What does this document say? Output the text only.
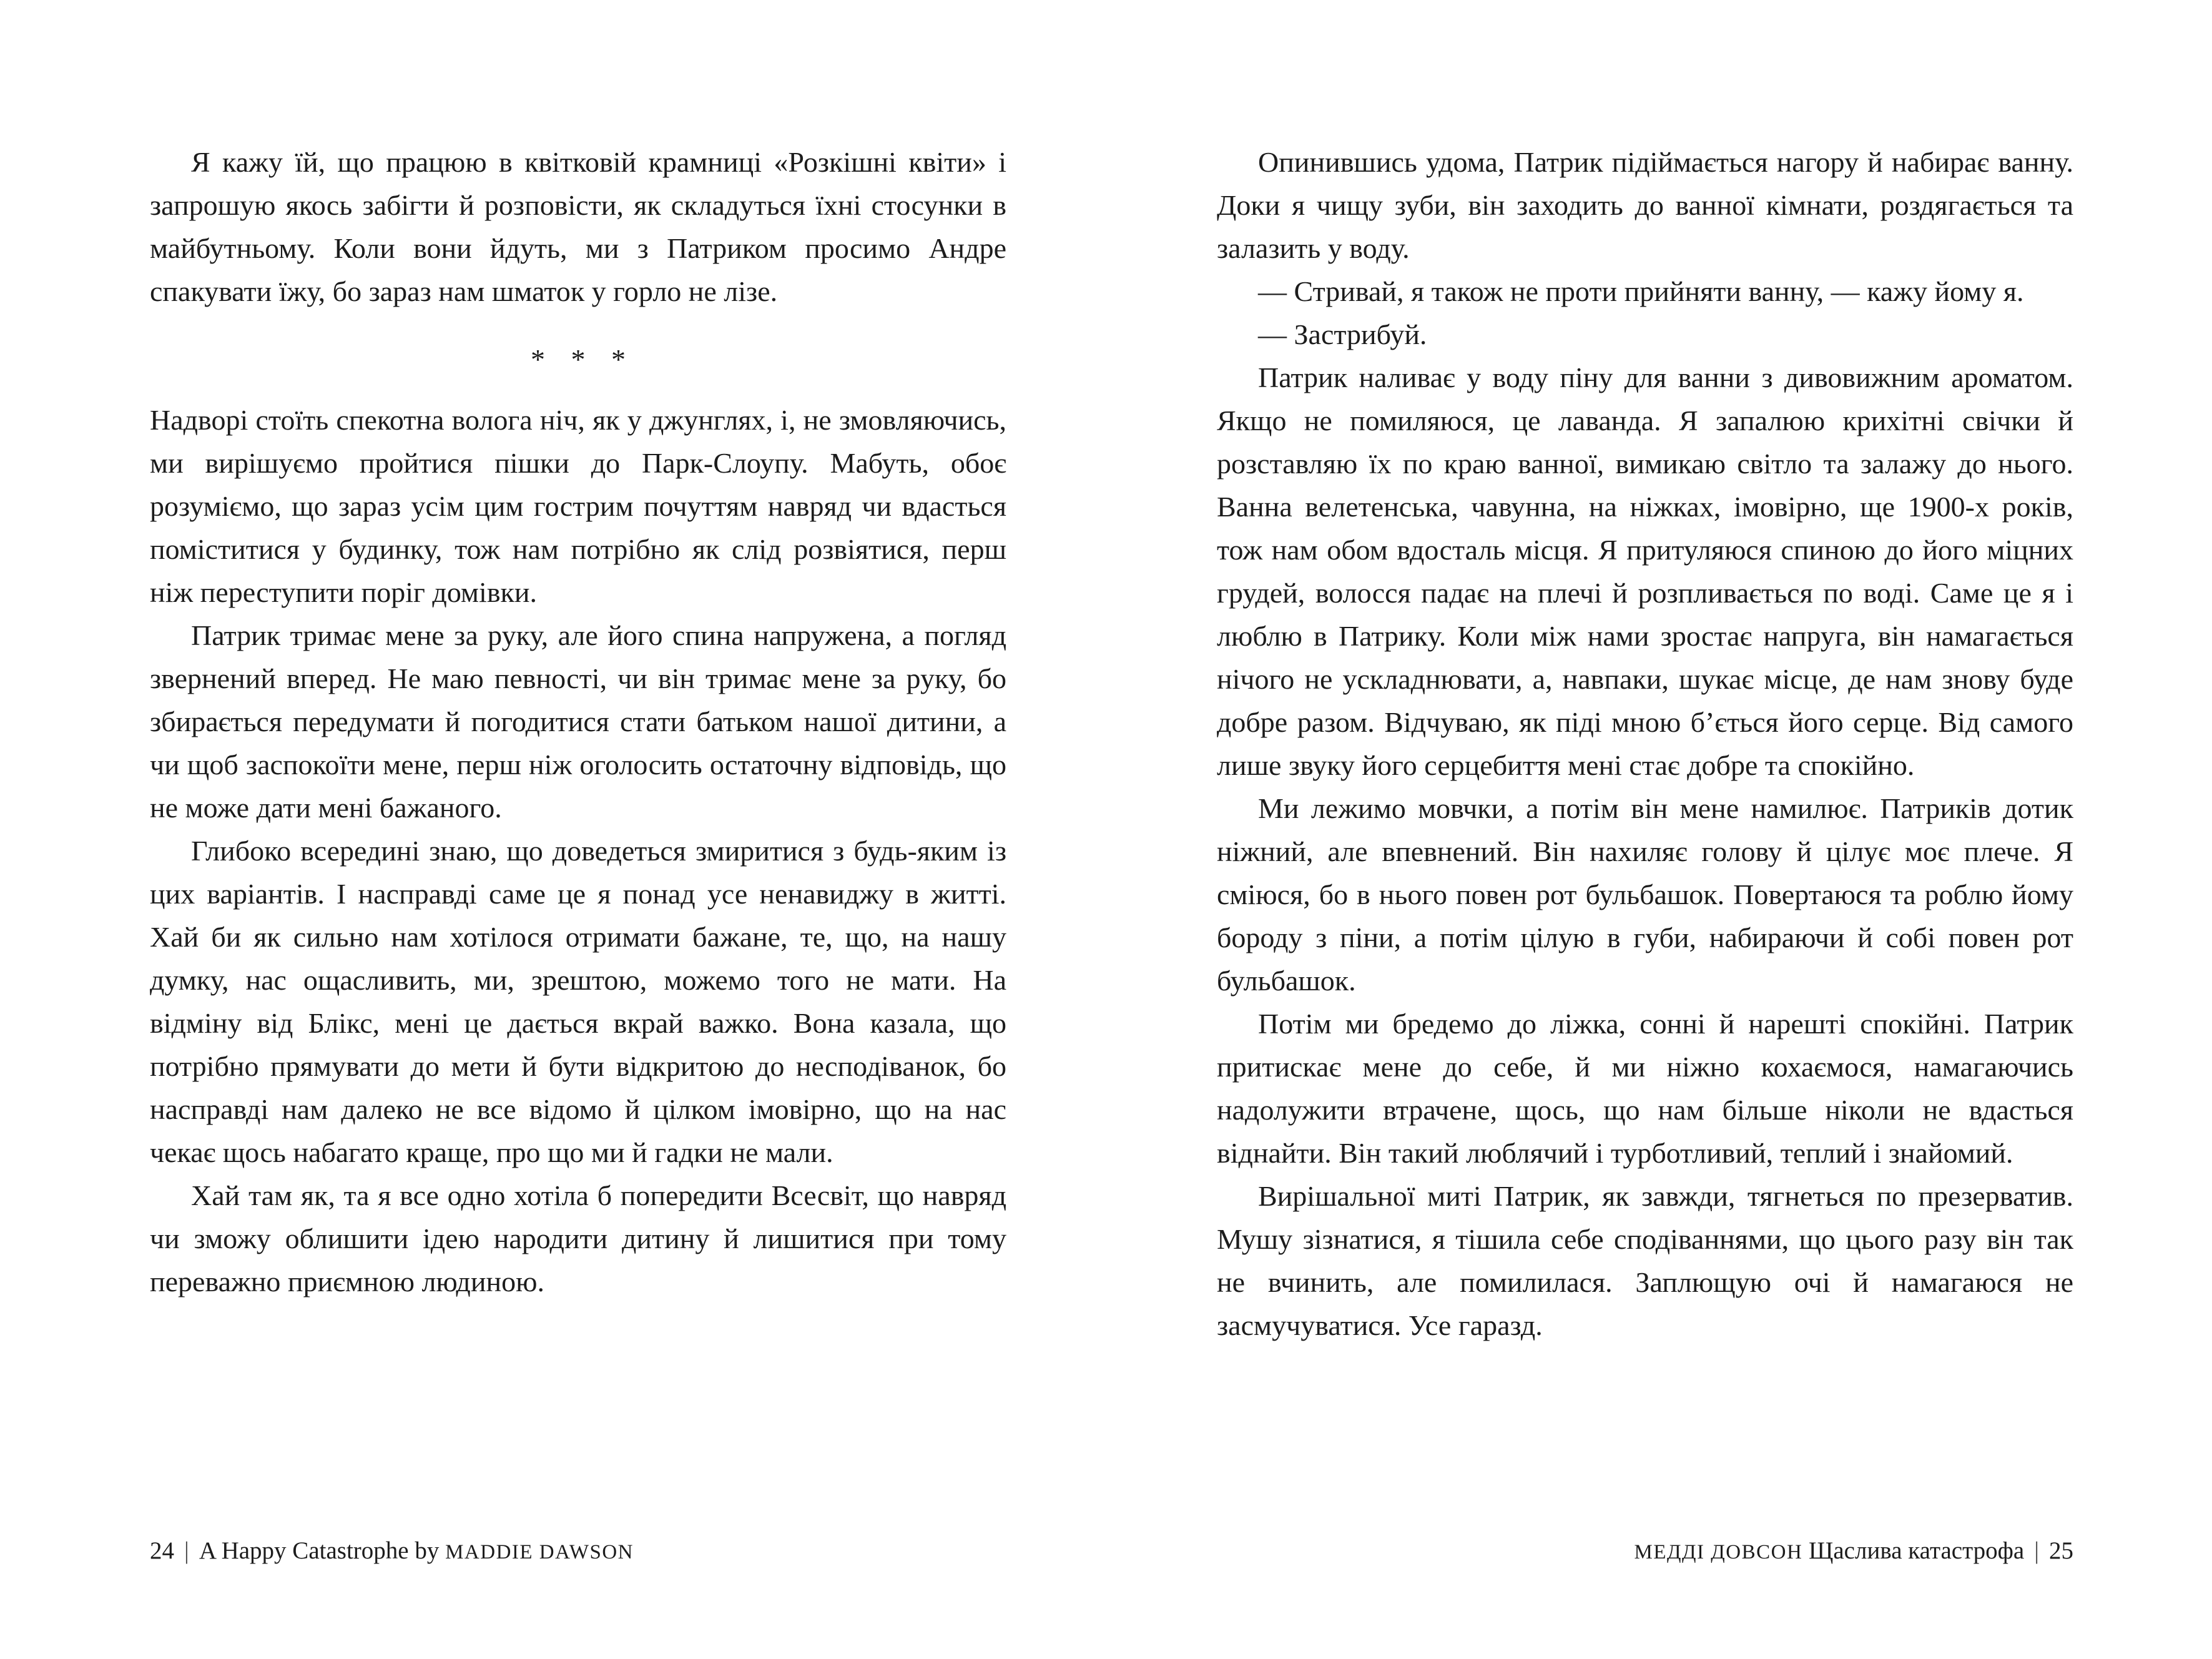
Я кажу їй, що працюю в квітковій крамниці «Розкішні квіти» і запрошую якось забігти й розповісти, як складуться їхні стосунки в майбутньому. Коли вони йдуть, ми з Патриком просимо Андре спакувати їжу, бо зараз нам шматок у горло не лізе.

* * *

Надворі стоїть спекотна волога ніч, як у джунглях, і, не змовляючись, ми вирішуємо пройтися пішки до Парк-Слоупу. Мабуть, обоє розуміємо, що зараз усім цим гострим почуттям навряд чи вдасться поміститися у будинку, тож нам потрібно як слід розвіятися, перш ніж переступити поріг домівки.

Патрик тримає мене за руку, але його спина напружена, а погляд звернений вперед. Не маю певності, чи він тримає мене за руку, бо збирається передумати й погодитися стати батьком нашої дитини, а чи щоб заспокоїти мене, перш ніж оголосить остаточну відповідь, що не може дати мені бажаного.

Глибоко всередині знаю, що доведеться змиритися з будь-яким із цих варіантів. І насправді саме це я понад усе ненавиджу в житті. Хай би як сильно нам хотілося отримати бажане, те, що, на нашу думку, нас ощасливить, ми, зрештою, можемо того не мати. На відміну від Блікс, мені це дається вкрай важко. Вона казала, що потрібно прямувати до мети й бути відкритою до несподіванок, бо насправді нам далеко не все відомо й цілком імовірно, що на нас чекає щось набагато краще, про що ми й гадки не мали.

Хай там як, та я все одно хотіла б попередити Всесвіт, що навряд чи зможу облишити ідею народити дитину й лишитися при тому переважно приємною людиною.

24 | A Happy Catastrophe by MADDIE DAWSON

Опинившись удома, Патрик підіймається нагору й набирає ванну. Доки я чищу зуби, він заходить до ванної кімнати, роздягається та залазить у воду.

— Стривай, я також не проти прийняти ванну, — кажу йому я.

— Застрибуй.

Патрик наливає у воду піну для ванни з дивовижним ароматом. Якщо не помиляюся, це лаванда. Я запалюю крихітні свічки й розставляю їх по краю ванної, вимикаю світло та залажу до нього. Ванна велетенська, чавунна, на ніжках, імовірно, ще 1900-х років, тож нам обом вдосталь місця. Я притуляюся спиною до його міцних грудей, волосся падає на плечі й розпливається по воді. Саме це я і люблю в Патрику. Коли між нами зростає напруга, він намагається нічого не ускладнювати, а, навпаки, шукає місце, де нам знову буде добре разом. Відчуваю, як піді мною б’ється його серце. Від самого лише звуку його серцебиття мені стає добре та спокійно.

Ми лежимо мовчки, а потім він мене намилює. Патриків дотик ніжний, але впевнений. Він нахиляє голову й цілує моє плече. Я сміюся, бо в нього повен рот бульбашок. Повертаюся та роблю йому бороду з піни, а потім цілую в губи, набираючи й собі повен рот бульбашок.

Потім ми бредемо до ліжка, сонні й нарешті спокійні. Патрик притискає мене до себе, й ми ніжно кохаємося, намагаючись надолужити втрачене, щось, що нам більше ніколи не вдасться віднайти. Він такий люблячий і турботливий, теплий і знайомий.

Вирішальної миті Патрик, як завжди, тягнеться по презерватив. Мушу зізнатися, я тішила себе сподіваннями, що цього разу він так не вчинить, але помилилася. Заплющую очі й намагаюся не засмучуватися. Усе гаразд.

МЕДДІ ДОВСОН Щаслива катастрофа | 25
